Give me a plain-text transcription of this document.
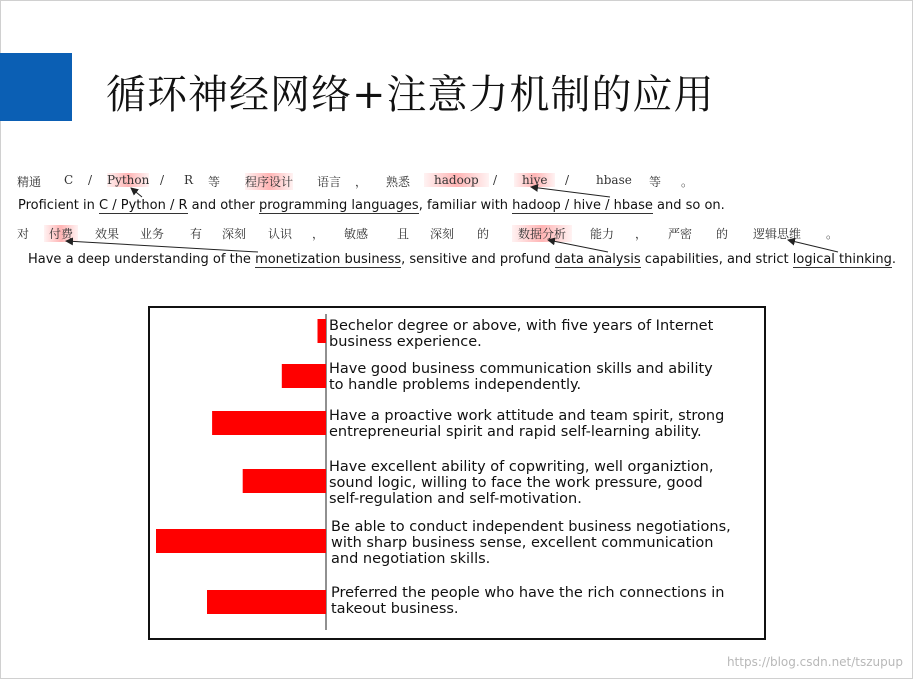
循环神经网络+注意力机制的应用
精通 C / Python / R 等 程序设计 语言 ， 熟悉	hadoop	/	hive	/ hbase 等 。
Proficient in C / Python / R and other programming languages, familiar with hadoop / hive / hbase and so on.
对	付费	效果 业务 有 深刻 认识 ， 敏感 且 深刻 的	数据分析	能力 ， 严密 的 逻辑思维 。
Have a deep understanding of the monetization business, sensitive and profund data analysis capabilities, and strict logical thinking.
Bechelor degree or above, with five years of Internet
business experience.
Have good business communication skills and ability
to handle problems independently.
Have a proactive work attitude and team spirit, strong
entrepreneurial spirit and rapid self-learning ability.
Have excellent ability of copwriting, well organiztion,
sound logic, willing to face the work pressure, good
self-regulation and self-motivation.
Be able to conduct independent business negotiations,
with sharp business sense, excellent communication
and negotiation skills.
Preferred the people who have the rich connections in
takeout business.
https://blog.csdn.net/tszupup
